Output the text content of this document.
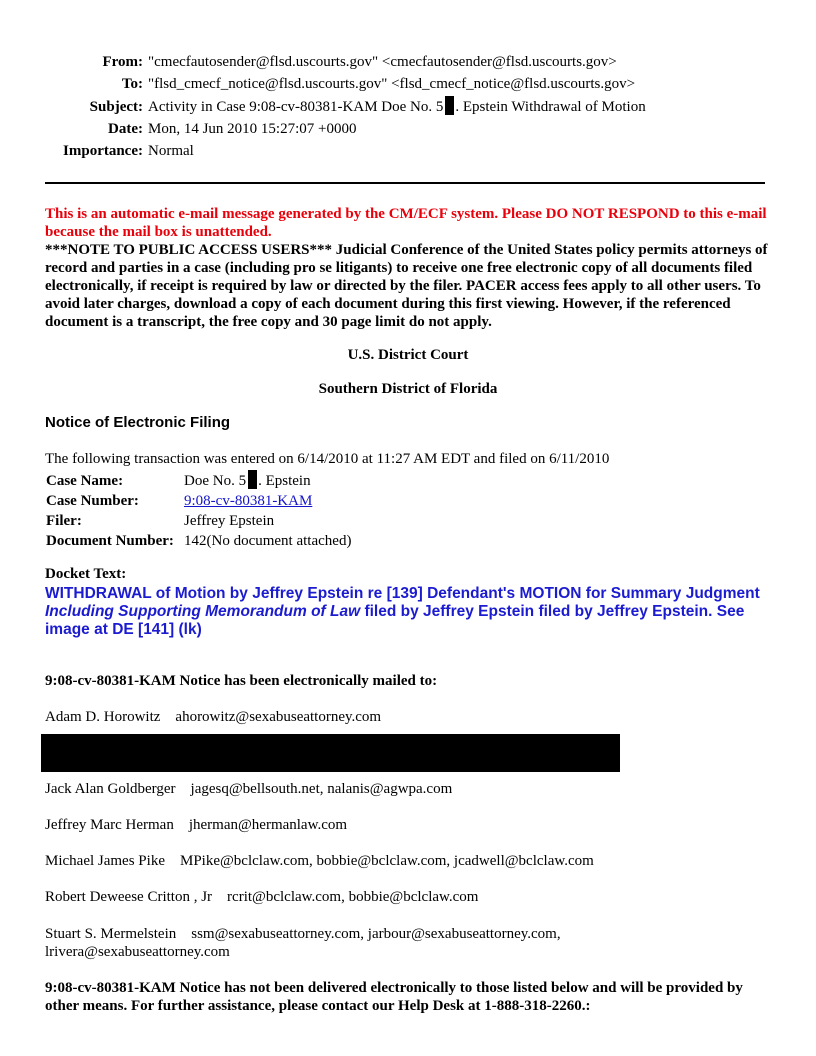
From: "cmecfautosender@flsd.uscourts.gov" <cmecfautosender@flsd.uscourts.gov>
To: "flsd_cmecf_notice@flsd.uscourts.gov" <flsd_cmecf_notice@flsd.uscourts.gov>
Subject: Activity in Case 9:08-cv-80381-KAM Doe No. 5 . Epstein Withdrawal of Motion
Date: Mon, 14 Jun 2010 15:27:07 +0000
Importance: Normal
This is an automatic e-mail message generated by the CM/ECF system. Please DO NOT RESPOND to this e-mail because the mail box is unattended.
***NOTE TO PUBLIC ACCESS USERS*** Judicial Conference of the United States policy permits attorneys of record and parties in a case (including pro se litigants) to receive one free electronic copy of all documents filed electronically, if receipt is required by law or directed by the filer. PACER access fees apply to all other users. To avoid later charges, download a copy of each document during this first viewing. However, if the referenced document is a transcript, the free copy and 30 page limit do not apply.
U.S. District Court
Southern District of Florida
Notice of Electronic Filing
The following transaction was entered on 6/14/2010 at 11:27 AM EDT and filed on 6/11/2010
Case Name:	Doe No. 5 . Epstein
Case Number:	9:08-cv-80381-KAM
Filer:	Jeffrey Epstein
Document Number:	142(No document attached)
Docket Text:
WITHDRAWAL of Motion by Jeffrey Epstein re [139] Defendant's MOTION for Summary Judgment Including Supporting Memorandum of Law filed by Jeffrey Epstein filed by Jeffrey Epstein. See image at DE [141] (lk)
9:08-cv-80381-KAM Notice has been electronically mailed to:
Adam D. Horowitz ahorowitz@sexabuseattorney.com
Jack Alan Goldberger jagesq@bellsouth.net, nalanis@agwpa.com
Jeffrey Marc Herman jherman@hermanlaw.com
Michael James Pike MPike@bclclaw.com, bobbie@bclclaw.com, jcadwell@bclclaw.com
Robert Deweese Critton , Jr rcrit@bclclaw.com, bobbie@bclclaw.com
Stuart S. Mermelstein ssm@sexabuseattorney.com, jarbour@sexabuseattorney.com,
lrivera@sexabuseattorney.com
9:08-cv-80381-KAM Notice has not been delivered electronically to those listed below and will be provided by other means. For further assistance, please contact our Help Desk at 1-888-318-2260.:
